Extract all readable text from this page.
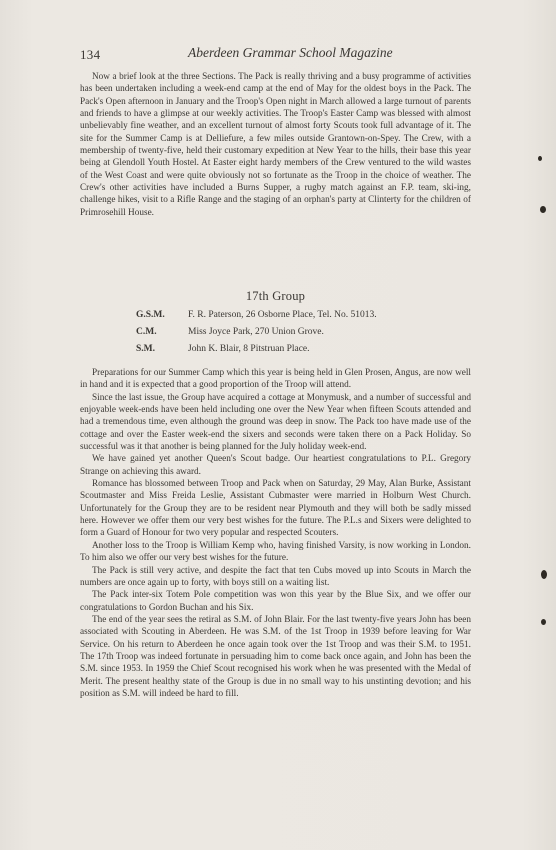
134	Aberdeen Grammar School Magazine

Now a brief look at the three Sections. The Pack is really thriving and a busy programme of activities has been undertaken including a week-end camp at the end of May for the oldest boys in the Pack. The Pack's Open afternoon in January and the Troop's Open night in March allowed a large turnout of parents and friends to have a glimpse at our weekly activities. The Troop's Easter Camp was blessed with almost unbelievably fine weather, and an excellent turnout of almost forty Scouts took full advantage of it. The site for the Summer Camp is at Delliefure, a few miles outside Grantown-on-Spey. The Crew, with a membership of twenty-five, held their customary expedition at New Year to the hills, their base this year being at Glendoll Youth Hostel. At Easter eight hardy members of the Crew ventured to the wild wastes of the West Coast and were quite obviously not so fortunate as the Troop in the choice of weather. The Crew's other activities have included a Burns Supper, a rugby match against an F.P. team, ski-ing, challenge hikes, visit to a Rifle Range and the staging of an orphan's party at Clinterty for the children of Primrosehill House.

17th Group
G.S.M. F. R. Paterson, 26 Osborne Place, Tel. No. 51013.
C.M.	Miss Joyce Park, 270 Union Grove.
S.M.	John K. Blair, 8 Pitstruan Place.

Preparations for our Summer Camp which this year is being held in Glen Prosen, Angus, are now well in hand and it is expected that a good proportion of the Troop will attend.

Since the last issue, the Group have acquired a cottage at Monymusk, and a number of successful and enjoyable week-ends have been held including one over the New Year when fifteen Scouts attended and had a tremendous time, even although the ground was deep in snow. The Pack too have made use of the cottage and over the Easter week-end the sixers and seconds were taken there on a Pack Holiday. So successful was it that another is being planned for the July holiday week-end.

We have gained yet another Queen's Scout badge. Our heartiest congratulations to P.L. Gregory Strange on achieving this award.

Romance has blossomed between Troop and Pack when on Saturday, 29 May, Alan Burke, Assistant Scoutmaster and Miss Freida Leslie, Assistant Cubmaster were married in Holburn West Church. Unfortunately for the Group they are to be resident near Plymouth and they will both be sadly missed here. However we offer them our very best wishes for the future. The P.L.s and Sixers were delighted to form a Guard of Honour for two very popular and respected Scouters.

Another loss to the Troop is William Kemp who, having finished Varsity, is now working in London. To him also we offer our very best wishes for the future.

The Pack is still very active, and despite the fact that ten Cubs moved up into Scouts in March the numbers are once again up to forty, with boys still on a waiting list.

The Pack inter-six Totem Pole competition was won this year by the Blue Six, and we offer our congratulations to Gordon Buchan and his Six.

The end of the year sees the retiral as S.M. of John Blair. For the last twenty-five years John has been associated with Scouting in Aberdeen. He was S.M. of the 1st Troop in 1939 before leaving for War Service. On his return to Aberdeen he once again took over the 1st Troop and was their S.M. to 1951. The 17th Troop was indeed fortunate in persuading him to come back once again, and John has been the S.M. since 1953. In 1959 the Chief Scout recognised his work when he was presented with the Medal of Merit. The present healthy state of the Group is due in no small way to his unstinting devotion; and his position as S.M. will indeed be hard to fill.
